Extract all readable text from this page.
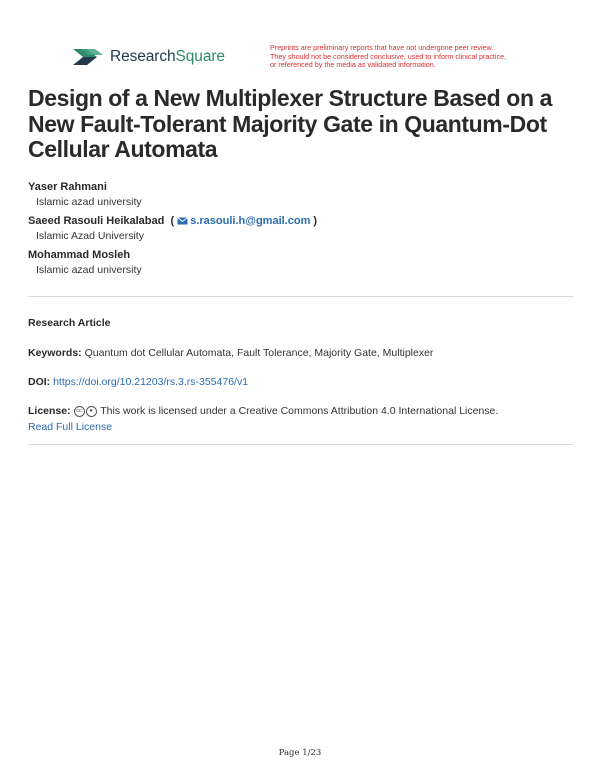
ResearchSquare
Preprints are preliminary reports that have not undergone peer review.
They should not be considered conclusive, used to inform clinical practice,
or referenced by the media as validated information.
Design of a New Multiplexer Structure Based on a New Fault-Tolerant Majority Gate in Quantum-Dot Cellular Automata
Yaser Rahmani
Islamic azad university
Saeed Rasouli Heikalabad  ( s.rasouli.h@gmail.com )
Islamic Azad University
Mohammad Mosleh
Islamic azad university
Research Article
Keywords: Quantum dot Cellular Automata, Fault Tolerance, Majority Gate, Multiplexer
DOI: https://doi.org/10.21203/rs.3.rs-355476/v1
License: cc ● This work is licensed under a Creative Commons Attribution 4.0 International License.
Read Full License
Page 1/23
